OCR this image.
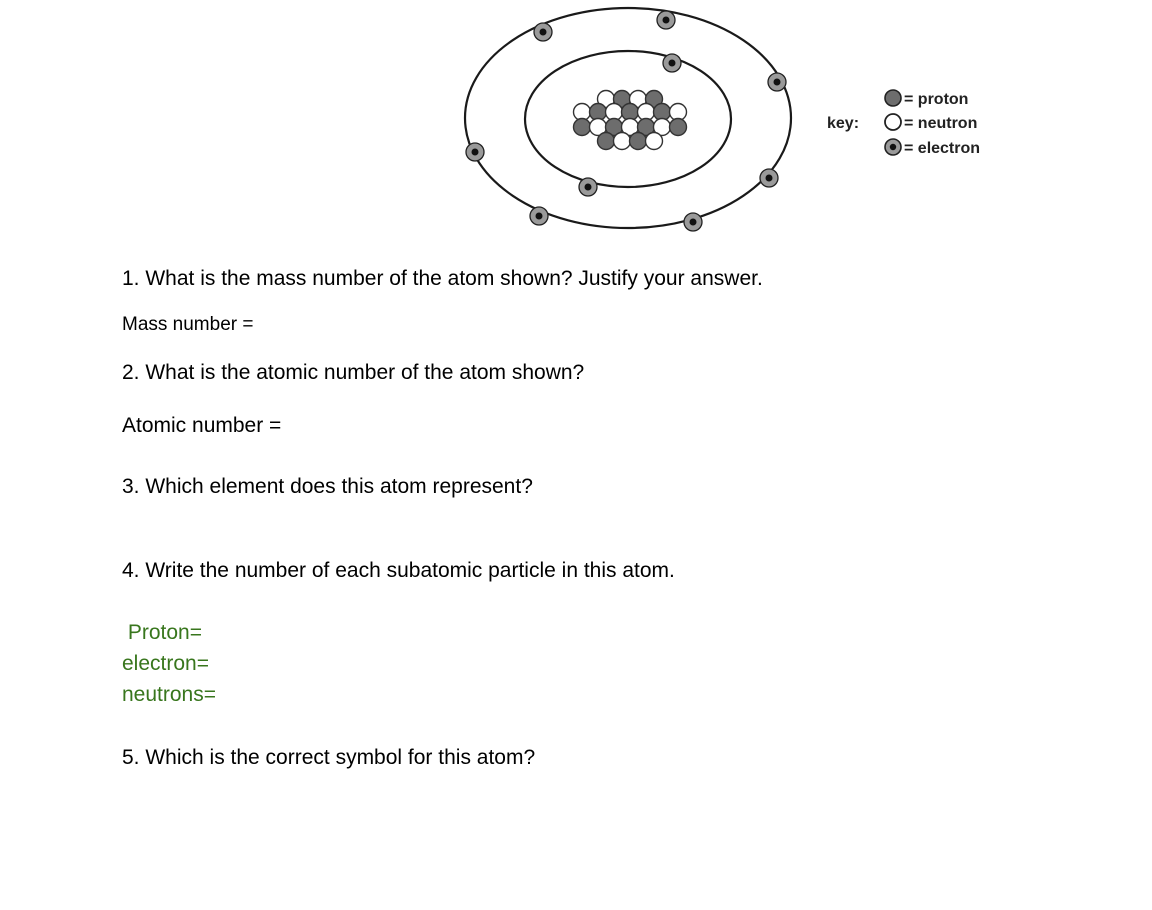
key:
= proton
= neutron
= electron

1. What is the mass number of the atom shown? Justify your answer.

Mass number =

2. What is the atomic number of the atom shown?

Atomic number =

3. Which element does this atom represent?

4. Write the number of each subatomic particle in this atom.

Proton=

electron=

neutrons=

5. Which is the correct symbol for this atom?
